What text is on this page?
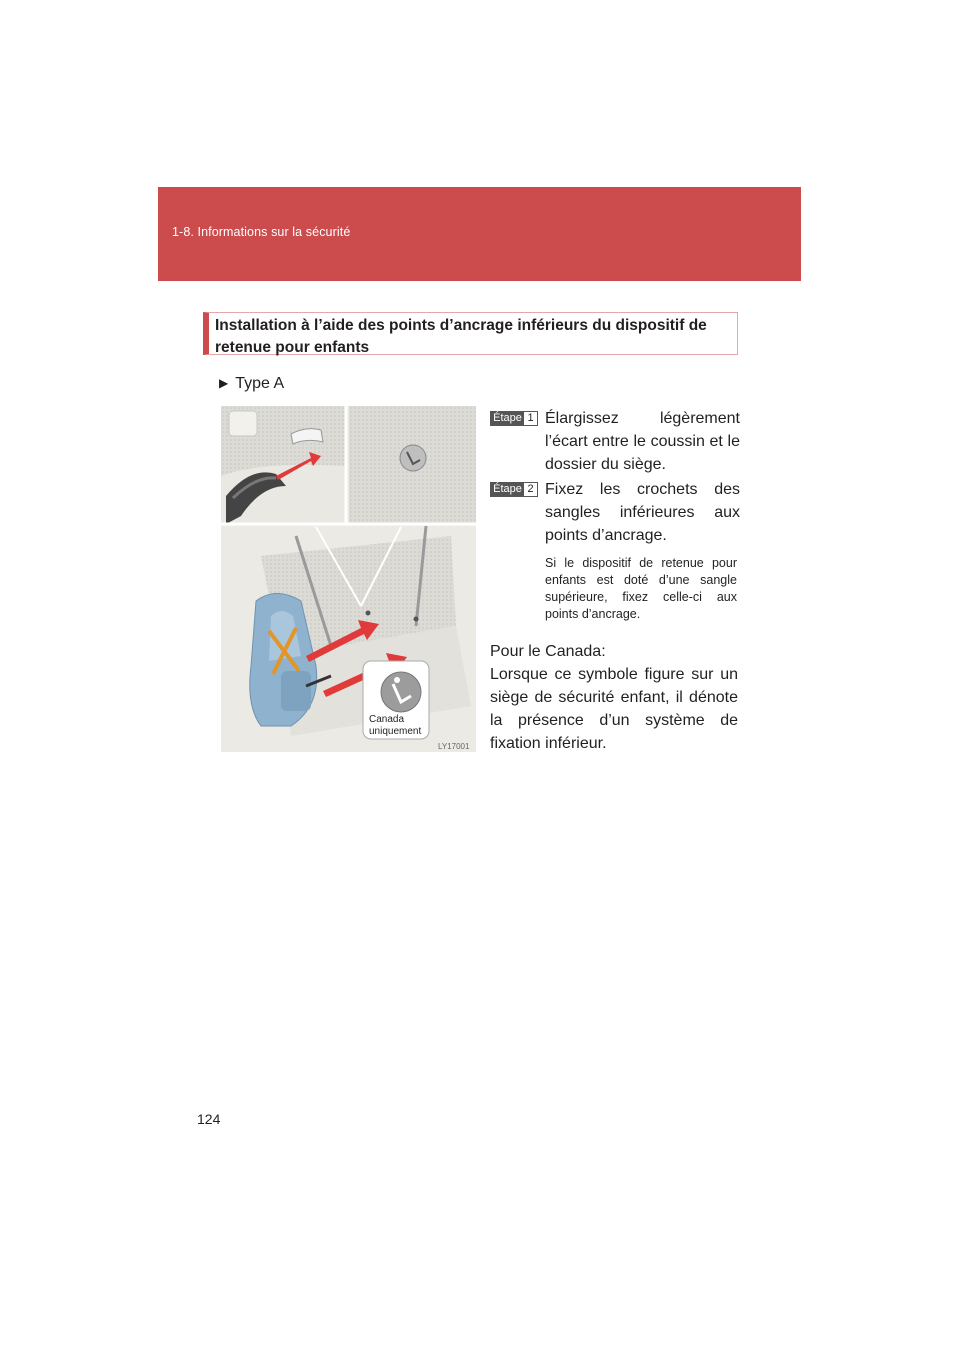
1-8. Informations sur la sécurité
Installation à l’aide des points d’ancrage inférieurs du dispositif de
retenue pour enfants
▶ Type A
Canada
uniquement
LY17001
Étape 1 Élargissez légèrement l’écart entre le coussin et le dossier du siège.
Étape 2 Fixez les crochets des sangles inférieures aux points d’ancrage.
Si le dispositif de retenue pour enfants est doté d’une sangle supérieure, fixez celle-ci aux points d’ancrage.
Pour le Canada:
Lorsque ce symbole figure sur un siège de sécurité enfant, il dénote la présence d’un système de fixation inférieur.
124
